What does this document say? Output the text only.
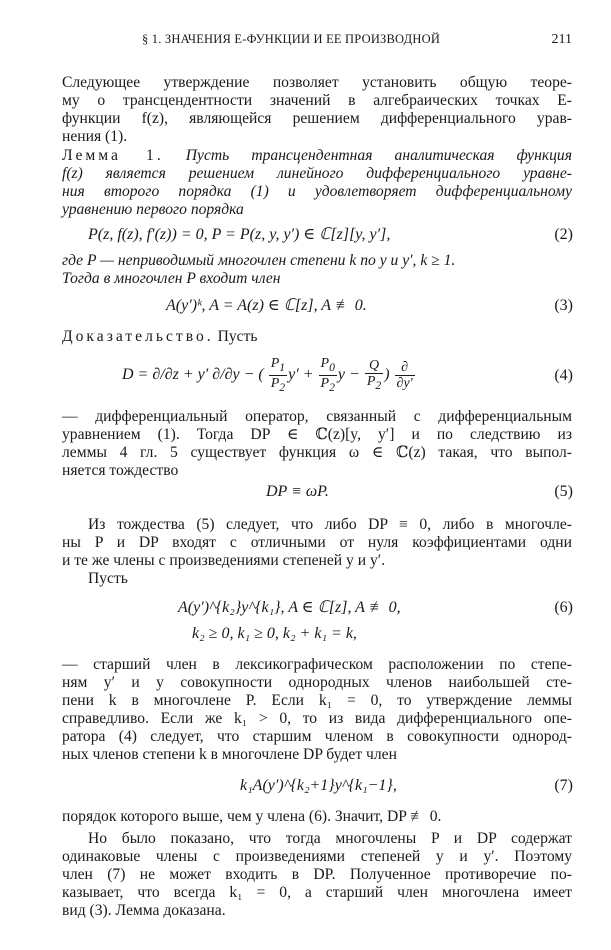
§ 1. ЗНАЧЕНИЯ E-ФУНКЦИИ И ЕЕ ПРОИЗВОДНОЙ	211
Следующее утверждение позволяет установить общую теоре-
му о трансцендентности значений в алгебраических точках E-
функции f(z), являющейся решением дифференциального урав-
нения (1).
Лемма 1. Пусть трансцендентная аналитическая функция
f(z) является решением линейного дифференциального уравне-
ния второго порядка (1) и удовлетворяет дифференциальному
уравнению первого порядка
P(z, f(z), f′(z)) = 0, P = P(z, y, y′) ∈ ℂ[z][y, y′],	(2)
где P — неприводимый многочлен степени k по y и y′, k ≥ 1.
Тогда в многочлен P входит член
A(y′)ᵏ, A = A(z) ∈ ℂ[z], A ≢ 0.	(3)
Доказательство. Пусть
D = ∂/∂z + y′ ∂/∂y − ( $\frac{P_1}{P_2} y' + \frac{P_0}{P_2}$ $y - \frac{Q}{P_2}$ ) $\frac{\partial}{\partial y'}$	(4)
— дифференциальный оператор, связанный с дифференциальным
уравнением (1). Тогда DP ∈ ℂ(z)[y, y′] и по следствию из
леммы 4 гл. 5 существует функция ω ∈ ℂ(z) такая, что выпол-
няется тождество
DP ≡ ωP.	(5)
Из тождества (5) следует, что либо DP ≡ 0, либо в многочле-
ны P и DP входят с отличными от нуля коэффициентами одни
и те же члены с произведениями степеней y и y′.
Пусть
A(y′)^{k₂}y^{k₁}, A ∈ ℂ[z], A ≢ 0,	(6)
k₂ ≥ 0, k₁ ≥ 0, k₂ + k₁ = k,
— старший член в лексикографическом расположении по степе-
ням y′ и y совокупности однородных членов наибольшей сте-
пени k в многочлене P. Если k₁ = 0, то утверждение леммы
справедливо. Если же k₁ > 0, то из вида дифференциального опе-
ратора (4) следует, что старшим членом в совокупности однород-
ных членов степени k в многочлене DP будет член
k₁A(y′)^{k₂+1}y^{k₁−1},	(7)
порядок которого выше, чем у члена (6). Значит, DP ≢ 0.
Но было показано, что тогда многочлены P и DP содержат
одинаковые члены с произведениями степеней y и y′. Поэтому
член (7) не может входить в DP. Полученное противоречие по-
казывает, что всегда k₁ = 0, а старший член многочлена имеет
вид (3). Лемма доказана.
